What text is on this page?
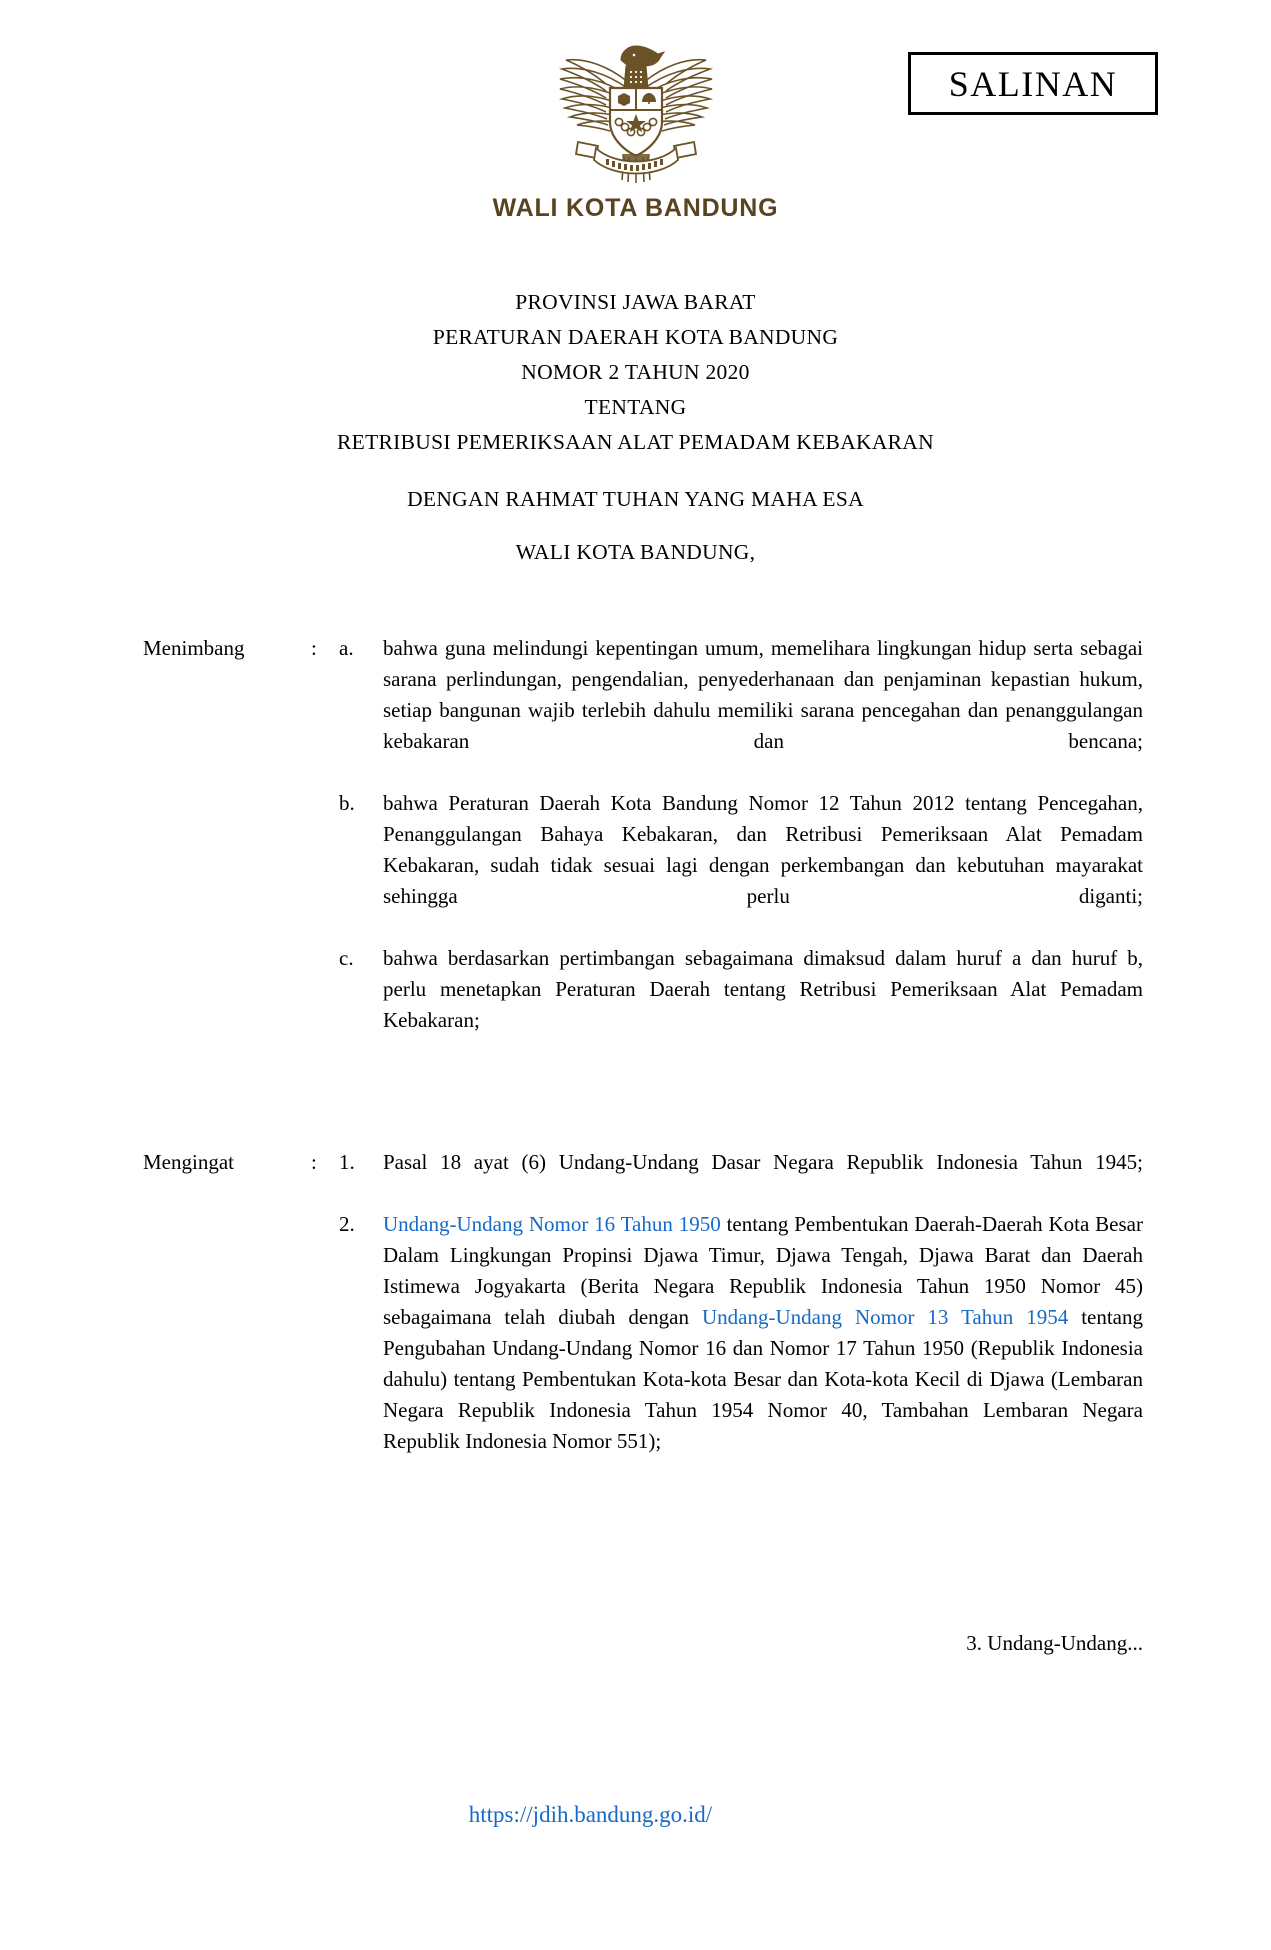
SALINAN
WALI KOTA BANDUNG
PROVINSI JAWA BARAT
PERATURAN DAERAH KOTA BANDUNG
NOMOR 2 TAHUN 2020
TENTANG
RETRIBUSI PEMERIKSAAN ALAT PEMADAM KEBAKARAN
DENGAN RAHMAT TUHAN YANG MAHA ESA
WALI KOTA BANDUNG,
Menimbang	:	a.	bahwa guna melindungi kepentingan umum, memelihara lingkungan hidup serta sebagai sarana perlindungan, pengendalian, penyederhanaan dan penjaminan kepastian hukum, setiap bangunan wajib terlebih dahulu memiliki sarana pencegahan dan penanggulangan kebakaran dan bencana;
b.	bahwa Peraturan Daerah Kota Bandung Nomor 12 Tahun 2012 tentang Pencegahan, Penanggulangan Bahaya Kebakaran, dan Retribusi Pemeriksaan Alat Pemadam Kebakaran, sudah tidak sesuai lagi dengan perkembangan dan kebutuhan mayarakat sehingga perlu diganti;
c.	bahwa berdasarkan pertimbangan sebagaimana dimaksud dalam huruf a dan huruf b, perlu menetapkan Peraturan Daerah tentang Retribusi Pemeriksaan Alat Pemadam Kebakaran;
Mengingat	:	1.	Pasal 18 ayat (6) Undang-Undang Dasar Negara Republik Indonesia Tahun 1945;
2.	Undang-Undang Nomor 16 Tahun 1950 tentang Pembentukan Daerah-Daerah Kota Besar Dalam Lingkungan Propinsi Djawa Timur, Djawa Tengah, Djawa Barat dan Daerah Istimewa Jogyakarta (Berita Negara Republik Indonesia Tahun 1950 Nomor 45) sebagaimana telah diubah dengan Undang-Undang Nomor 13 Tahun 1954 tentang Pengubahan Undang-Undang Nomor 16 dan Nomor 17 Tahun 1950 (Republik Indonesia dahulu) tentang Pembentukan Kota-kota Besar dan Kota-kota Kecil di Djawa (Lembaran Negara Republik Indonesia Tahun 1954 Nomor 40, Tambahan Lembaran Negara Republik Indonesia Nomor 551);
3. Undang-Undang...
https://jdih.bandung.go.id/
